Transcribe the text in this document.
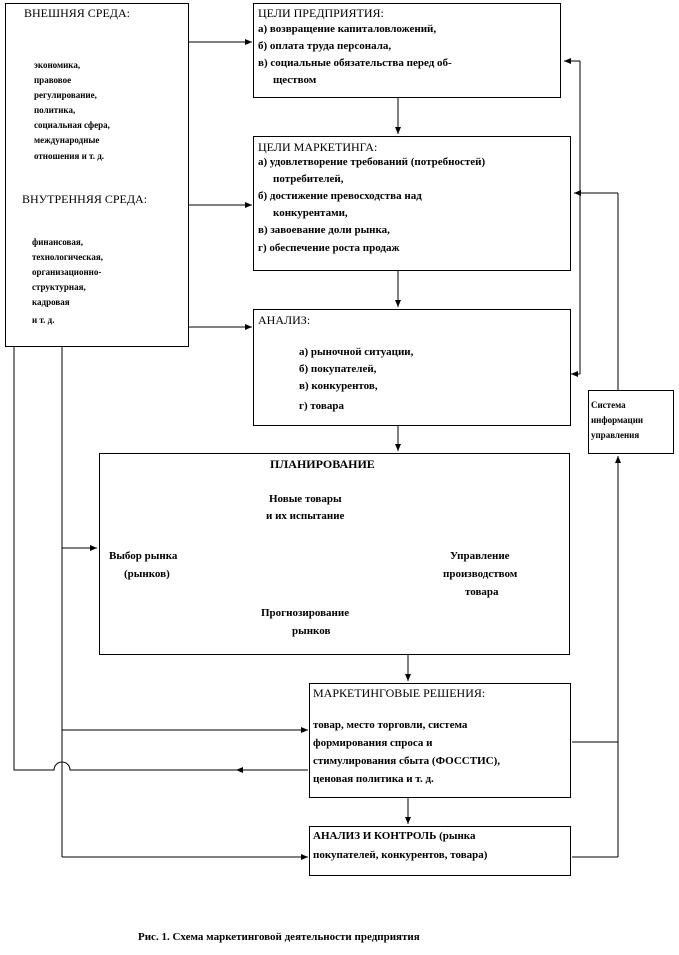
ВНЕШНЯЯ СРЕДА:
экономика,
правовое
регулирование,
политика,
социальная сфера,
международные
отношения и т. д.
ВНУТРЕННЯЯ СРЕДА:
финансовая,
технологическая,
организационно-
структурная,
кадровая
и т. д.
ЦЕЛИ ПРЕДПРИЯТИЯ:
а) возвращение капиталовложений,
б) оплата труда персонала,
в) социальные обязательства перед об-
ществом
ЦЕЛИ МАРКЕТИНГА:
а) удовлетворение требований (потребностей)
потребителей,
б) достижение превосходства над
конкурентами,
в) завоевание доли рынка,
г) обеспечение роста продаж
АНАЛИЗ:
а) рыночной ситуации,
б) покупателей,
в) конкурентов,
г) товара	Система
информации
управления
ПЛАНИРОВАНИЕ
Новые товары
и их испытание
Выбор рынка
(рынков)
Управление
производством
товара
Прогнозирование
рынков
МАРКЕТИНГОВЫЕ РЕШЕНИЯ:
товар, место торговли, система
формирования спроса и
стимулирования сбыта (ФОССТИС),
ценовая политика и т. д.
АНАЛИЗ И КОНТРОЛЬ (рынка
покупателей, конкурентов, товара)
Рис. 1. Схема маркетинговой деятельности предприятия
